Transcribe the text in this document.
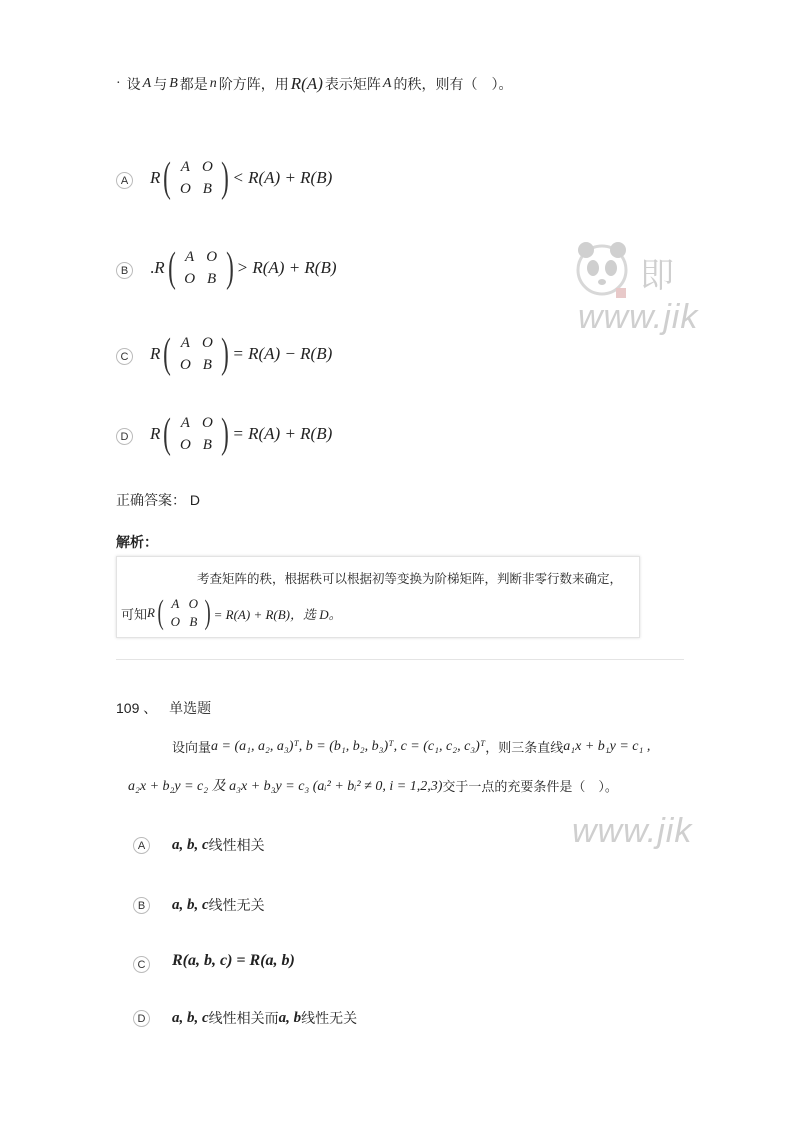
即
www.jik
www.jik
· 设 A 与 B 都是 n 阶方阵，用 R(A) 表示矩阵 A 的秩，则有（　）。
A R ( A O
O B ) < R(A) + R(B)
B . R ( A O
O B ) > R(A) + R(B)
C R ( A O
O B ) = R(A) − R(B)
D R ( A O
O B ) = R(A) + R(B)
正确答案： D
解析：
考查矩阵的秩，根据秩可以根据初等变换为阶梯矩阵，判断非零行数来确定，
可知 R ( A O
O B ) = R(A) + R(B)，选 D。
109 、 单选题
设向量 a = (a₁, a₂, a₃)ᵀ , b = (b₁, b₂, b₃)ᵀ , c = (c₁, c₂, c₃)ᵀ ，则三条直线 a₁x + b₁y = c₁ ,
a₂x + b₂y = c₂ 及 a₃x + b₃y = c₃ (aᵢ² + bᵢ² ≠ 0, i = 1,2,3) 交于一点的充要条件是（　）。
A	a, b, c 线性相关
B	a, b, c 线性无关
C R(a, b, c) = R(a, b)
D	a, b, c 线性相关而 a, b 线性无关
